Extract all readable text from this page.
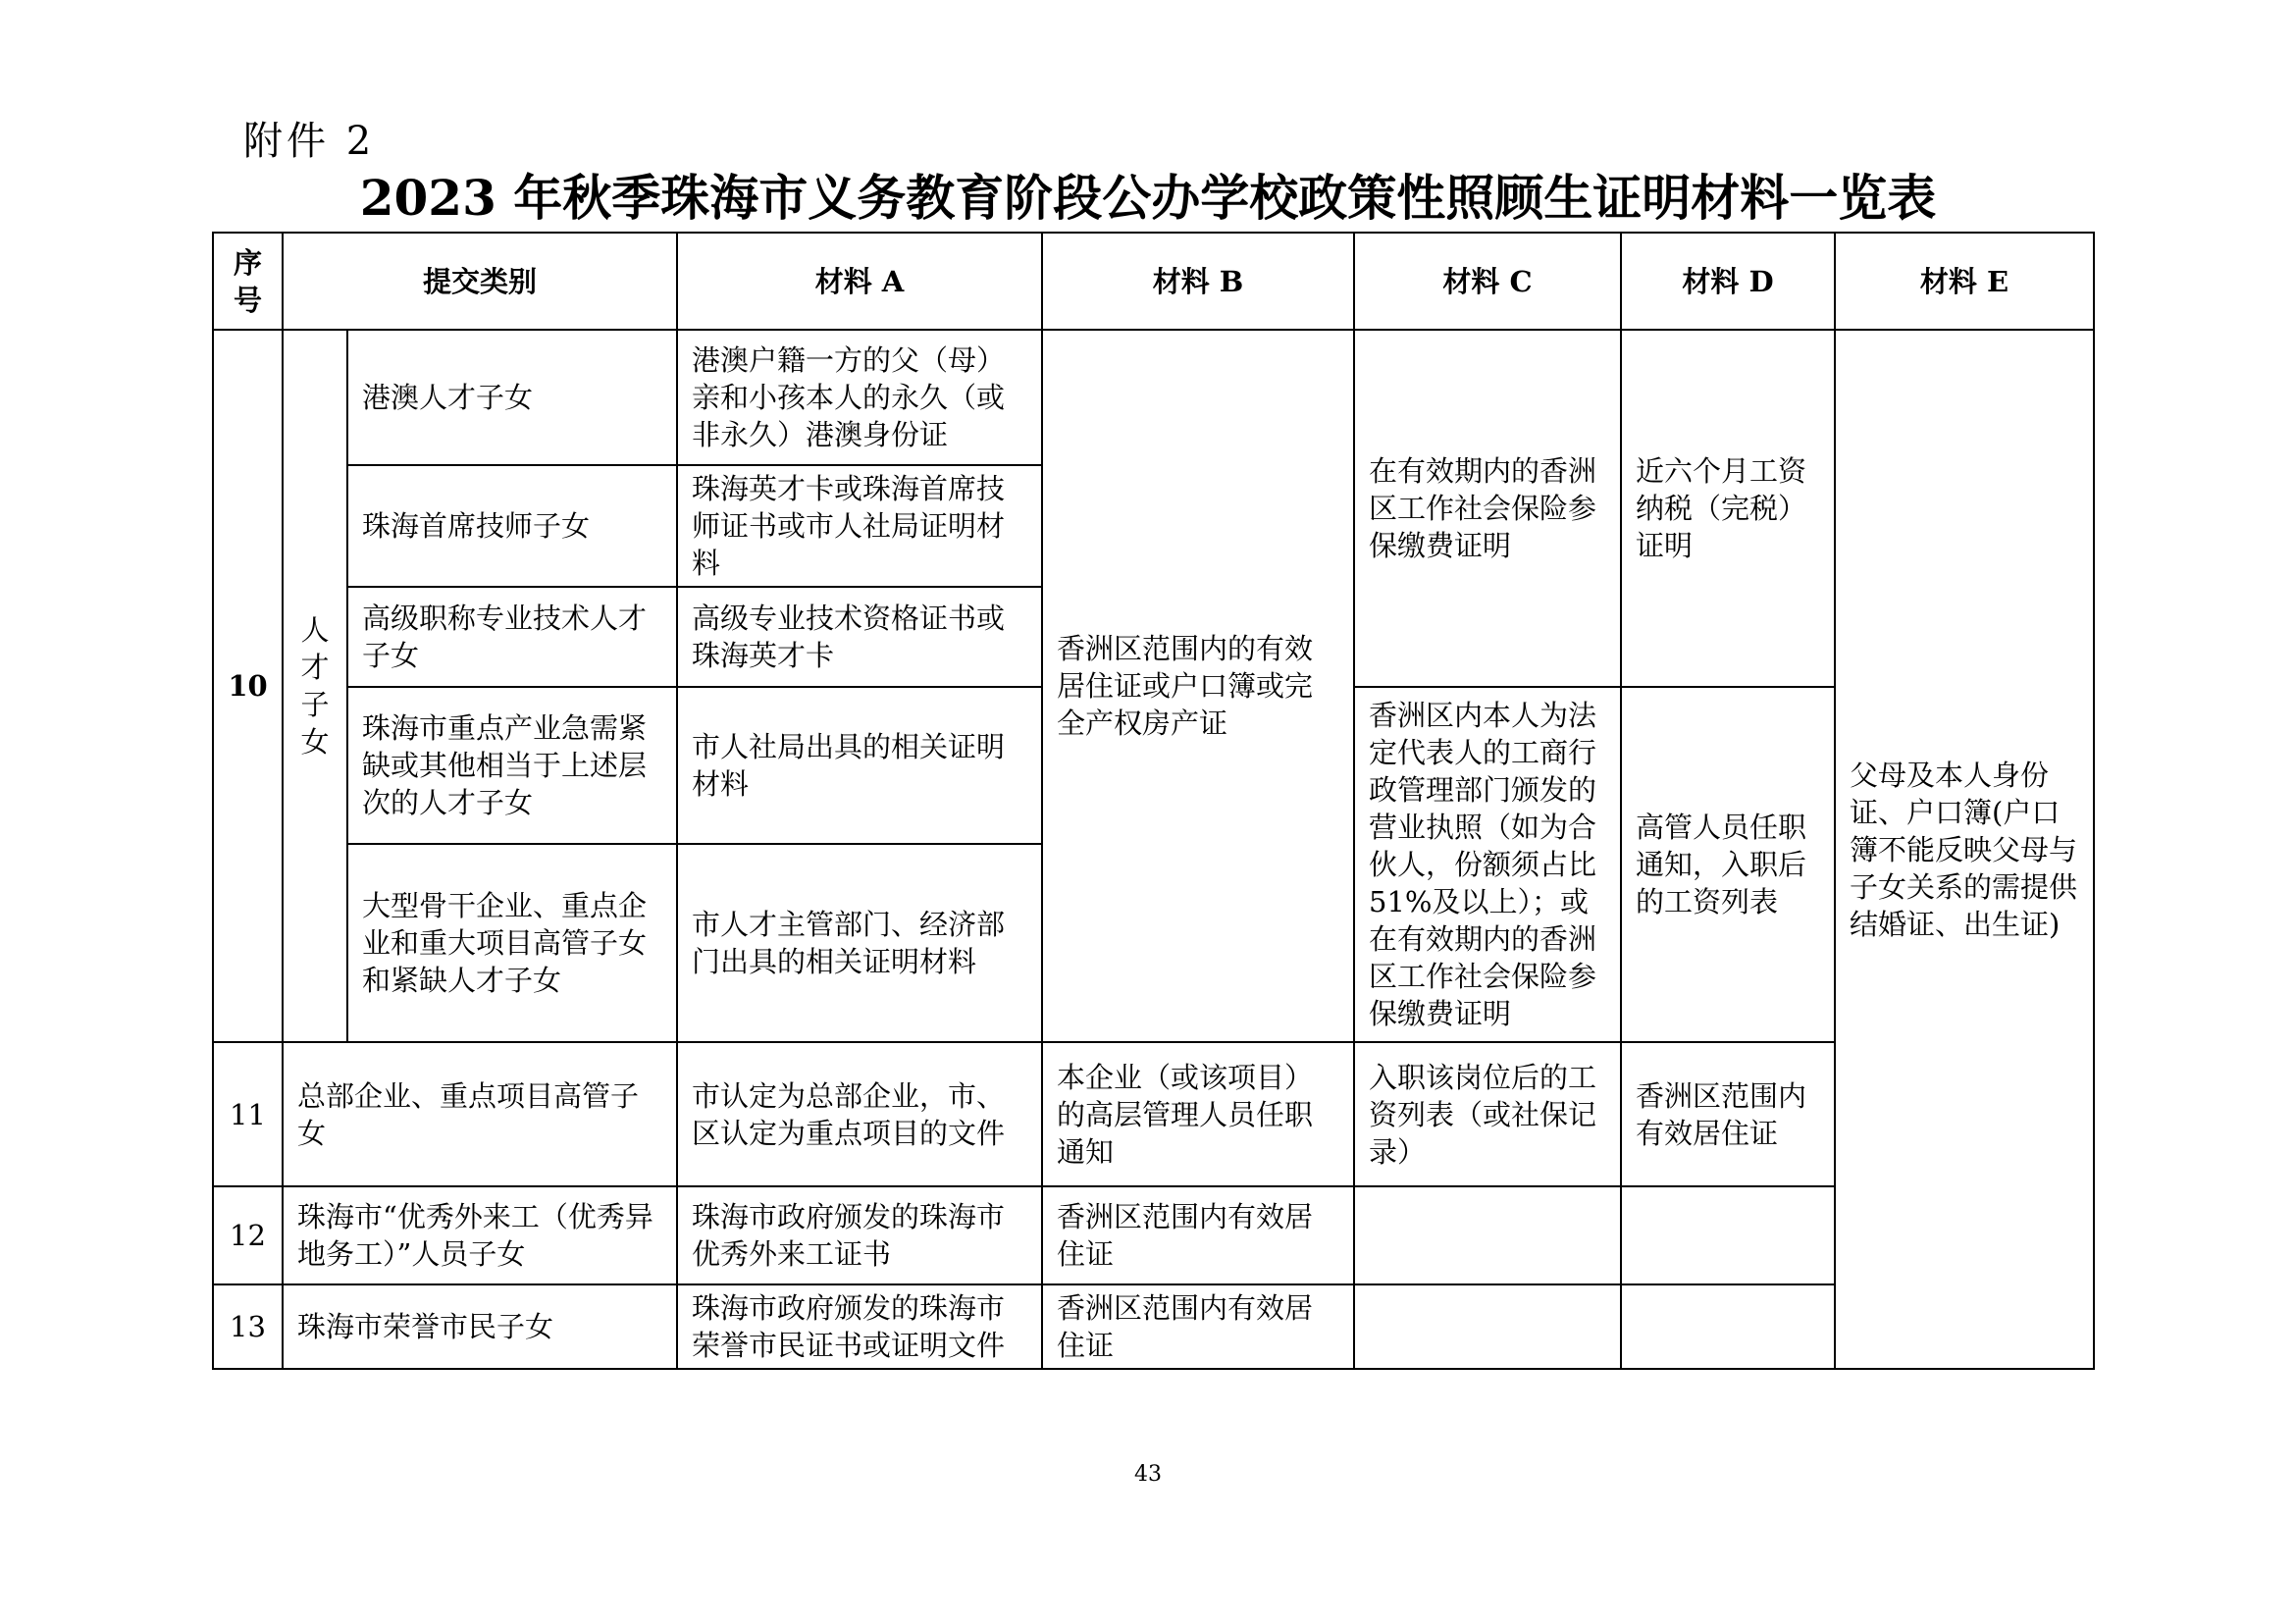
附件 2
2023 年秋季珠海市义务教育阶段公办学校政策性照顾生证明材料一览表
序号	提交类别		材料 A	材料 B	材料 C	材料 D	材料 E
10	人才子女	港澳人才子女	港澳户籍一方的父（母）亲和小孩本人的永久（或非永久）港澳身份证	香洲区范围内的有效居住证或户口簿或完全产权房产证	在有效期内的香洲区工作社会保险参保缴费证明	近六个月工资纳税（完税）证明	父母及本人身份证、户口簿(户口簿不能反映父母与子女关系的需提供结婚证、出生证)
		珠海首席技师子女	珠海英才卡或珠海首席技师证书或市人社局证明材料				
		高级职称专业技术人才子女	高级专业技术资格证书或珠海英才卡				
		珠海市重点产业急需紧缺或其他相当于上述层次的人才子女	市人社局出具的相关证明材料		香洲区内本人为法定代表人的工商行政管理部门颁发的营业执照（如为合伙人，份额须占比51%及以上）；或在有效期内的香洲区工作社会保险参保缴费证明	高管人员任职通知，入职后的工资列表	
		大型骨干企业、重点企业和重大项目高管子女和紧缺人才子女	市人才主管部门、经济部门出具的相关证明材料				
11	总部企业、重点项目高管子女		市认定为总部企业，市、区认定为重点项目的文件	本企业（或该项目）的高层管理人员任职通知	入职该岗位后的工资列表（或社保记录）	香洲区范围内有效居住证	
12	珠海市“优秀外来工（优秀异地务工）”人员子女		珠海市政府颁发的珠海市优秀外来工证书	香洲区范围内有效居住证			
13	珠海市荣誉市民子女		珠海市政府颁发的珠海市荣誉市民证书或证明文件	香洲区范围内有效居住证			
43
